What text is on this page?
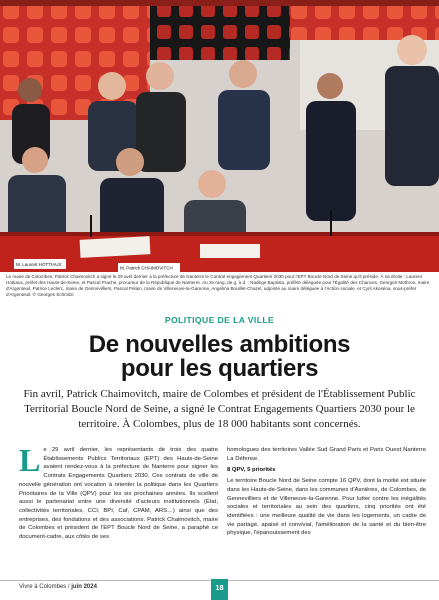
M. Laurent HOTTIAUX
M. Patrick CHAIMOVITCH
Le maire de Colombes, Patrick Chaimovitch a signé le 29 avril dernier à la préfecture de Nanterre le Contrat engagement Quartiers 2030 pour l'EPT Boucle Nord de Seine qu'il préside. À sa droite : Laurent Hottiaux, préfet des Hauts-de-Seine, et Pascal Prache, procureur de la République de Nanterre. Au 2e rang, de g. à d. : Nadège Baptista, préfète déléguée pour l'Égalité des Chances, Georges Mothron, maire d'Argenteuil, Patrice Leclerc, maire de Gennevilliers, Pascal Pelain, maire de Villeneuve-la-Garenne, Angélina Bouillet-Chazel, adjointe au maire déléguée à l'Action sociale, et Cyril Akoséna, sous-préfet d'Argenteuil. © Georges Schmitzi
POLITIQUE DE LA VILLE
De nouvelles ambitions
pour les quartiers
Fin avril, Patrick Chaimovitch, maire de Colombes et président de l'Établissement Public Territorial Boucle Nord de Seine, a signé le Contrat Engagements Quartiers 2030 pour le territoire. À Colombes, plus de 18 000 habitants sont concernés.

L e 29 avril dernier, les représentants de trois des quatre Établissements Publics Territoriaux (EPT) des Hauts-de-Seine avaient rendez-vous à la préfecture de Nanterre pour signer les Contrats Engagements Quartiers 2030. Ces contrats de ville de nouvelle génération ont vocation à orienter la politique dans les Quartiers Prioritaires de la Ville (QPV) pour les six prochaines années. Ils scellent aussi le partenariat entre une diversité d'acteurs institutionnels (État, collectivités territoriales, CCI, BPI, Caf, CPAM, ARS…) ainsi que des entreprises, des fondations et des associations. Patrick Chaimovitch, maire de Colombes et président de l'EPT Boucle Nord de Seine, a paraphé ce document-cadre, aux côtés de ses

homologues des territoires Vallée Sud Grand Paris et Paris Ouest Nanterre La Défense.

8 QPV, 5 priorités

Le territoire Boucle Nord de Seine compte 16 QPV, dont la moitié est située dans les Hauts-de-Seine, dans les communes d'Asnières, de Colombes, de Gennevilliers et de Villeneuve-la-Garenne. Pour lutter contre les inégalités sociales et territoriales au sein des quartiers, cinq priorités ont été identifiées : une meilleure qualité de vie dans les logements, un cadre de vie partagé, apaisé et convivial, l'amélioration de la santé et du bien-être physique, l'épanouissement des

Vivre à Colombes / juin 2024	18
